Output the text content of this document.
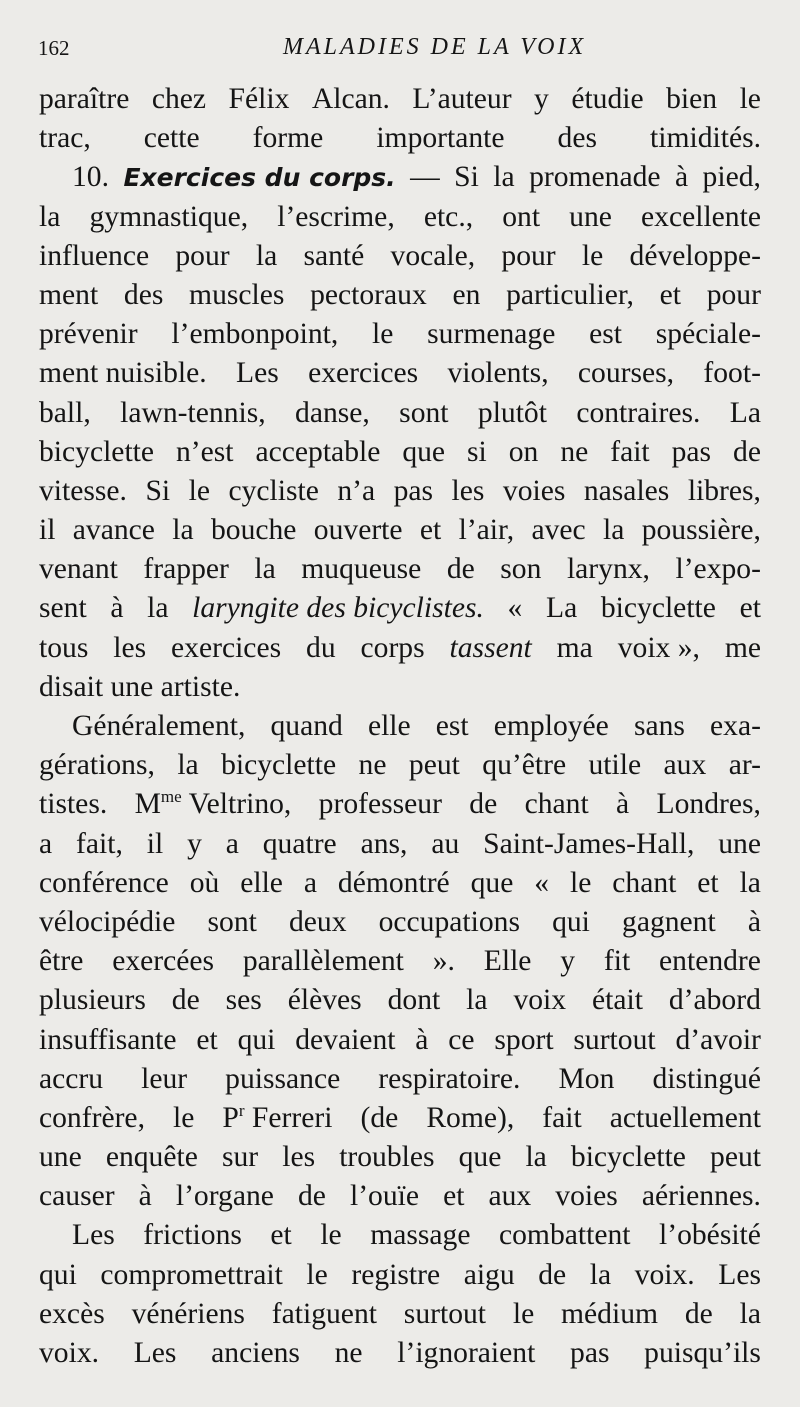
162	MALADIES DE LA VOIX
paraître chez Félix Alcan. L’auteur y étudie bien le
trac, cette forme importante des timidités.
10. Exercices du corps. — Si la promenade à pied,
la gymnastique, l’escrime, etc., ont une excellente
influence pour la santé vocale, pour le développe-
ment des muscles pectoraux en particulier, et pour
prévenir l’embonpoint, le surmenage est spéciale-
ment nuisible. Les exercices violents, courses, foot-
ball, lawn-tennis, danse, sont plutôt contraires. La
bicyclette n’est acceptable que si on ne fait pas de
vitesse. Si le cycliste n’a pas les voies nasales libres,
il avance la bouche ouverte et l’air, avec la poussière,
venant frapper la muqueuse de son larynx, l’expo-
sent à la laryngite des bicyclistes. « La bicyclette et
tous les exercices du corps tassent ma voix », me
disait une artiste.
Généralement, quand elle est employée sans exa-
gérations, la bicyclette ne peut qu’être utile aux ar-
tistes. $M^{me}$ Veltrino, professeur de chant à Londres,
a fait, il y a quatre ans, au Saint-James-Hall, une
conférence où elle a démontré que « le chant et la
vélocipédie sont deux occupations qui gagnent à
être exercées parallèlement ». Elle y fit entendre
plusieurs de ses élèves dont la voix était d’abord
insuffisante et qui devaient à ce sport surtout d’avoir
accru leur puissance respiratoire. Mon distingué
confrère, le $P^r$ Ferreri (de Rome), fait actuellement
une enquête sur les troubles que la bicyclette peut
causer à l’organe de l’ouïe et aux voies aériennes.
Les frictions et le massage combattent l’obésité
qui compromettrait le registre aigu de la voix. Les
excès vénériens fatiguent surtout le médium de la
voix. Les anciens ne l’ignoraient pas puisqu’ils
